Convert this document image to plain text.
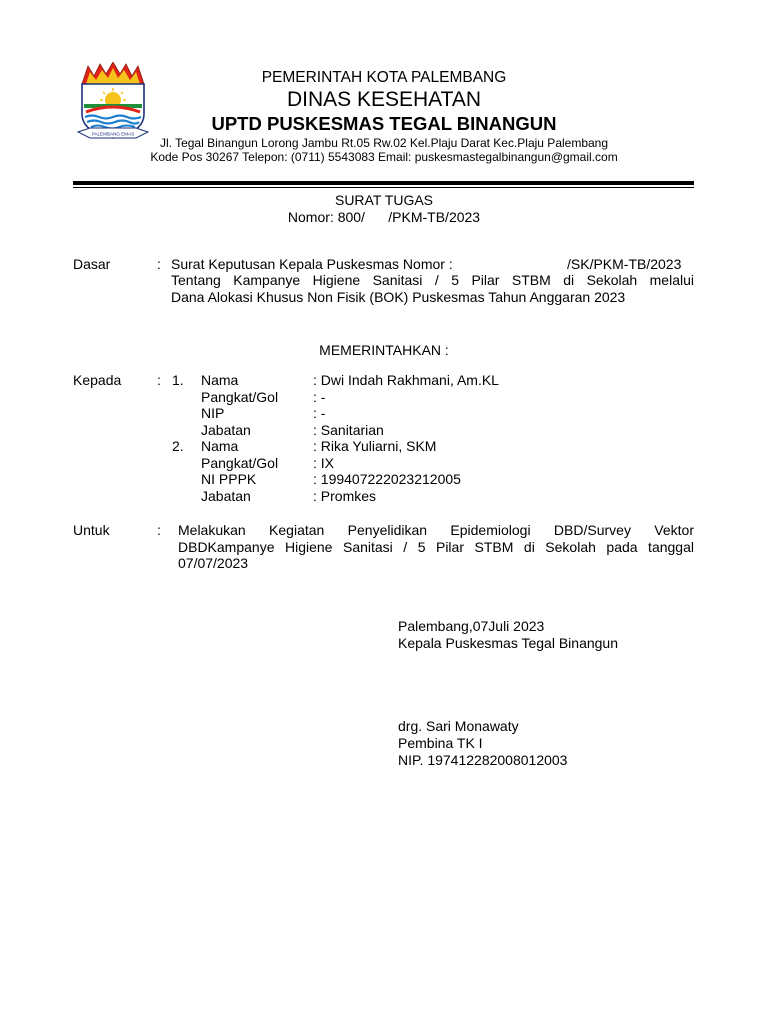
PALEMBANG EMAS
PEMERINTAH KOTA PALEMBANG
DINAS KESEHATAN
UPTD PUSKESMAS TEGAL BINANGUN
Jl. Tegal Binangun Lorong Jambu Rt.05 Rw.02 Kel.Plaju Darat Kec.Plaju Palembang
Kode Pos 30267 Telepon: (0711) 5543083 Email: puskesmastegalbinangun@gmail.com
SURAT TUGAS
Nomor: 800/      /PKM-TB/2023
Dasar	: Surat Keputusan Kepala Puskesmas Nomor :	/SK/PKM-TB/2023
Tentang Kampanye Higiene Sanitasi / 5 Pilar STBM di Sekolah melalui
Dana Alokasi Khusus Non Fisik (BOK) Puskesmas Tahun Anggaran 2023
MEMERINTAHKAN :
Kepada	: 1. Nama	: Dwi Indah Rakhmani, Am.KL
Pangkat/Gol : -
NIP	: -
Jabatan	: Sanitarian
2. Nama	: Rika Yuliarni, SKM
Pangkat/Gol : IX
NI PPPK	: 199407222023212005
Jabatan	: Promkes
Untuk	: Melakukan Kegiatan Penyelidikan Epidemiologi DBD/Survey Vektor
DBDKampanye Higiene Sanitasi / 5 Pilar STBM di Sekolah pada tanggal
07/07/2023
Palembang,07Juli 2023
Kepala Puskesmas Tegal Binangun
drg. Sari Monawaty
Pembina TK I
NIP. 197412282008012003
